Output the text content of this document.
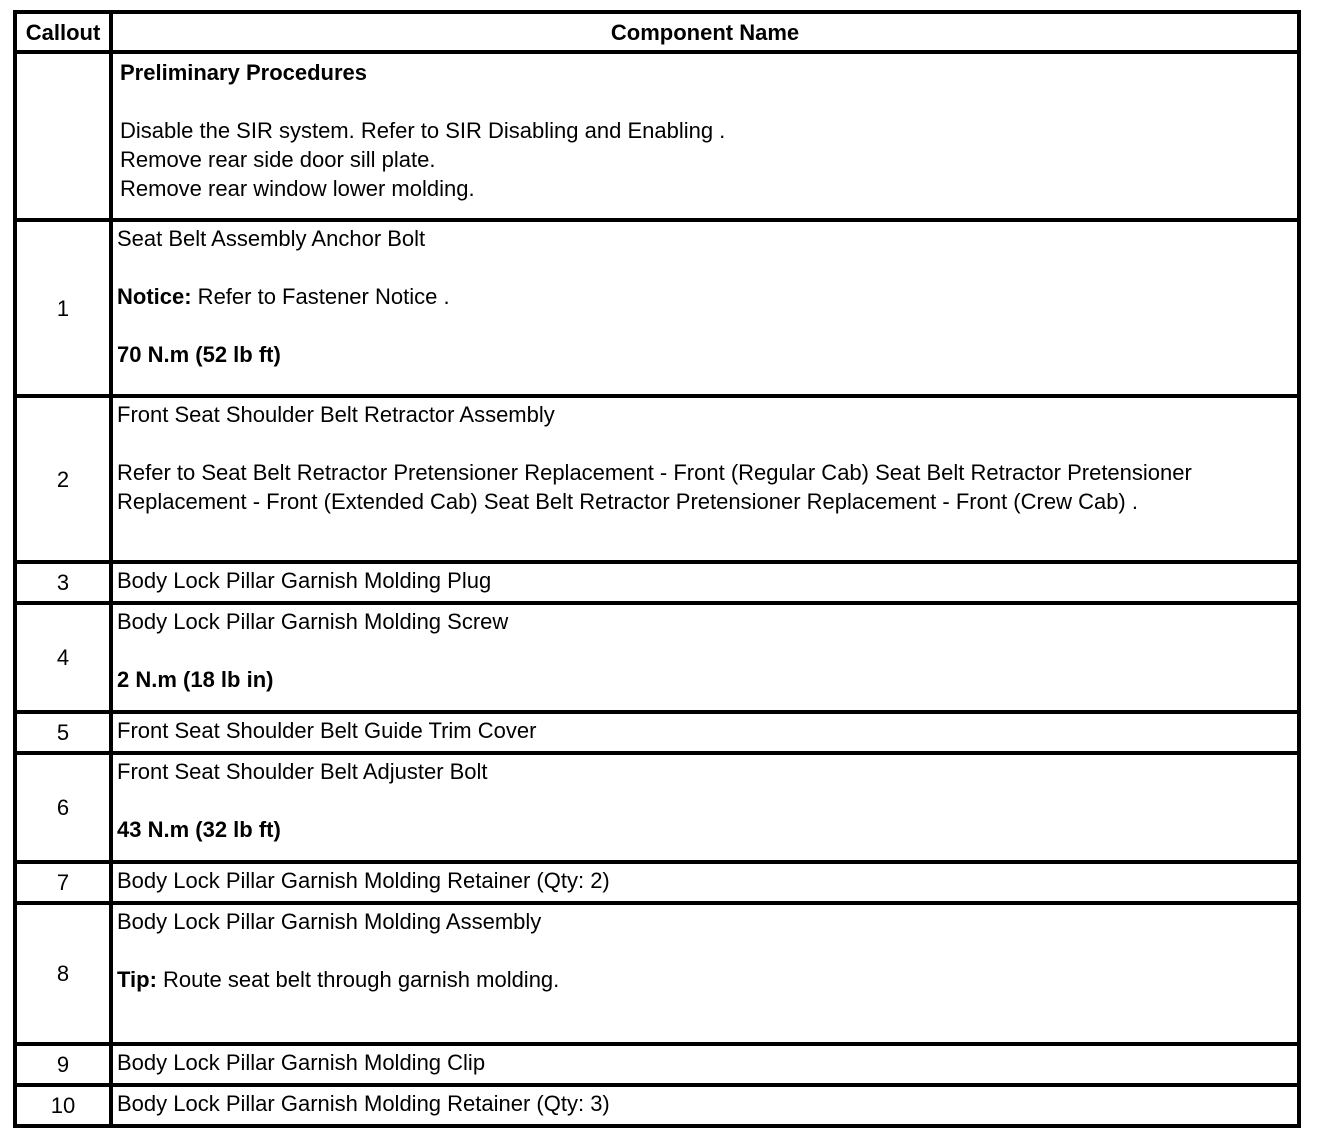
Callout	Component Name

	Preliminary Procedures
Disable the SIR system. Refer to SIR Disabling and Enabling .
Remove rear side door sill plate.
Remove rear window lower molding.

1	Seat Belt Assembly Anchor Bolt
Notice: Refer to Fastener Notice .
70 N.m (52 lb ft)

2	Front Seat Shoulder Belt Retractor Assembly
Refer to Seat Belt Retractor Pretensioner Replacement - Front (Regular Cab) Seat Belt Retractor Pretensioner Replacement - Front (Extended Cab) Seat Belt Retractor Pretensioner Replacement - Front (Crew Cab) .

3	Body Lock Pillar Garnish Molding Plug

4	Body Lock Pillar Garnish Molding Screw
2 N.m (18 lb in)

5	Front Seat Shoulder Belt Guide Trim Cover

6	Front Seat Shoulder Belt Adjuster Bolt
43 N.m (32 lb ft)

7	Body Lock Pillar Garnish Molding Retainer (Qty: 2)

8	Body Lock Pillar Garnish Molding Assembly
Tip: Route seat belt through garnish molding.

9	Body Lock Pillar Garnish Molding Clip

10	Body Lock Pillar Garnish Molding Retainer (Qty: 3)
